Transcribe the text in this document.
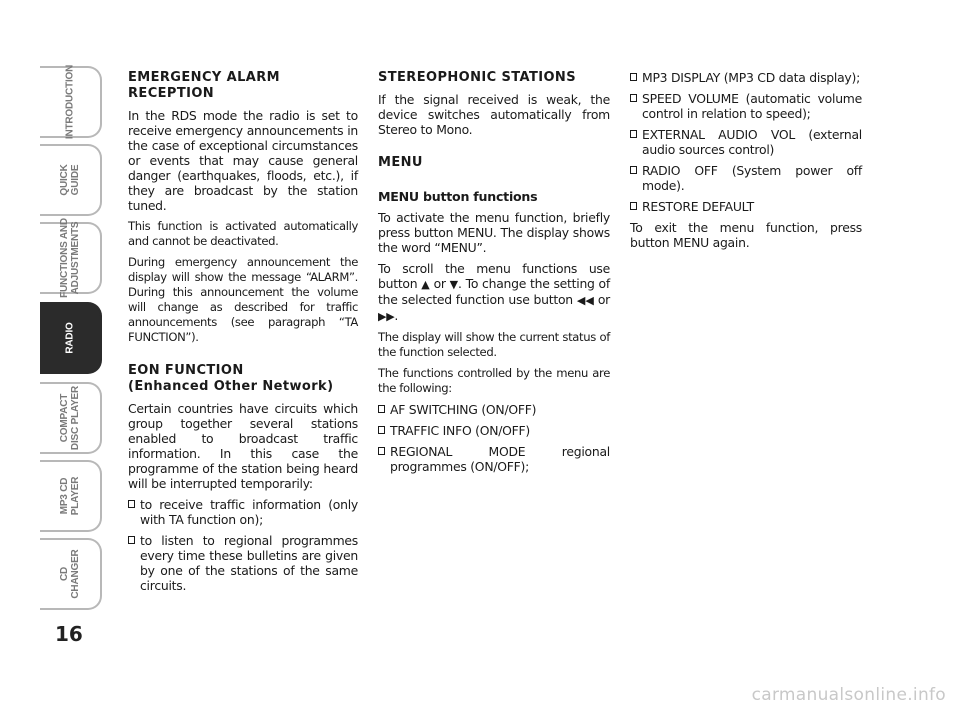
INTRODUCTION
QUICK
GUIDE
FUNCTIONS AND
ADJUSTMENTS
RADIO
COMPACT
DISC PLAYER
MP3 CD
PLAYER
CD
CHANGER
16
EMERGENCY ALARM RECEPTION

In the RDS mode the radio is set to receive emergency announcements in the case of exceptional circumstances or events that may cause general danger (earthquakes, floods, etc.), if they are broadcast by the station tuned.

This function is activated automatically and cannot be deactivated.

During emergency announcement the display will show the message “ALARM”. During this announcement the volume will change as described for traffic announcements (see paragraph “TA FUNCTION”).

EON FUNCTION
(Enhanced Other Network)

Certain countries have circuits which group together several stations enabled to broadcast traffic information. In this case the programme of the station being heard will be interrupted temporarily:

to receive traffic information (only with TA function on);
to listen to regional programmes every time these bulletins are given by one of the stations of the same circuits.
STEREOPHONIC STATIONS

If the signal received is weak, the device switches automatically from Stereo to Mono.

MENU
MENU button functions

To activate the menu function, briefly press button MENU. The display shows the word “MENU”.

To scroll the menu functions use button ▲ or ▼. To change the setting of the selected function use button ◀◀ or ▶▶.

The display will show the current status of the function selected.

The functions controlled by the menu are the following:

AF SWITCHING (ON/OFF)
TRAFFIC INFO (ON/OFF)
REGIONAL MODE regional programmes (ON/OFF);
MP3 DISPLAY (MP3 CD data display);
SPEED VOLUME (automatic volume control in relation to speed);
EXTERNAL AUDIO VOL (external audio sources control)
RADIO OFF (System power off mode).
RESTORE DEFAULT

To exit the menu function, press button MENU again.

carmanualsonline.info
